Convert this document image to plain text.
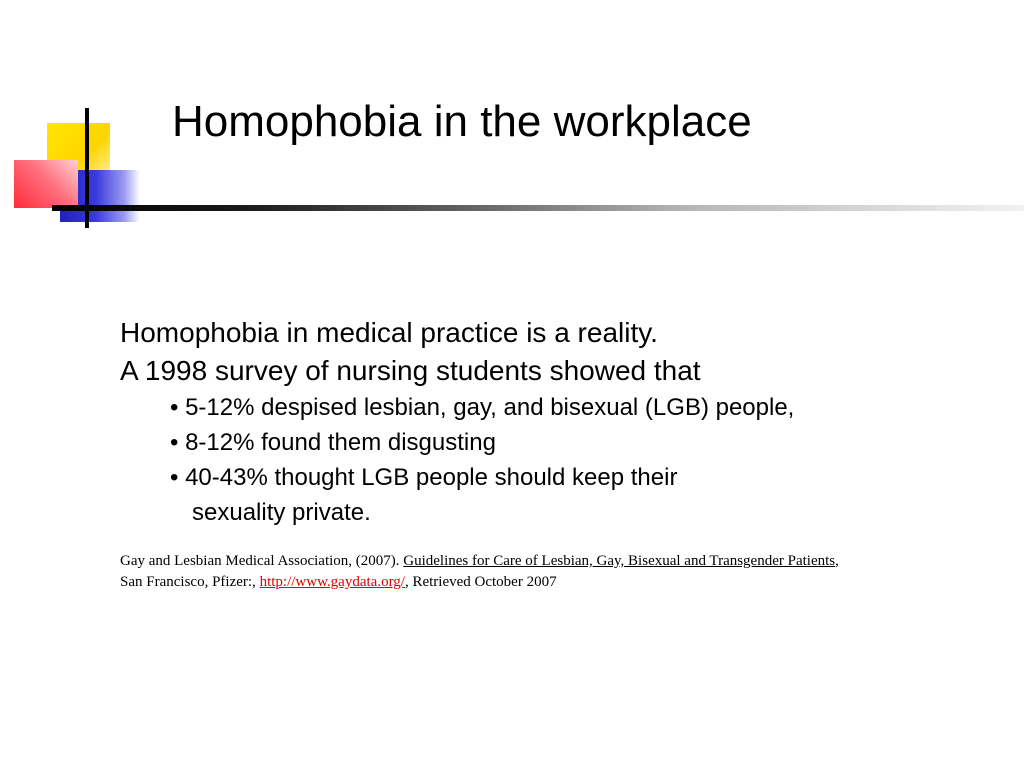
Homophobia in the workplace
Homophobia in medical practice is a reality.
A 1998 survey of nursing students showed that
• 5-12% despised lesbian, gay, and bisexual (LGB) people,
• 8-12% found them disgusting
• 40-43% thought LGB people should keep their
sexuality private.
Gay and Lesbian Medical Association, (2007). Guidelines for Care of Lesbian, Gay, Bisexual and Transgender Patients,
San Francisco, Pfizer:, http://www.gaydata.org/, Retrieved October 2007
